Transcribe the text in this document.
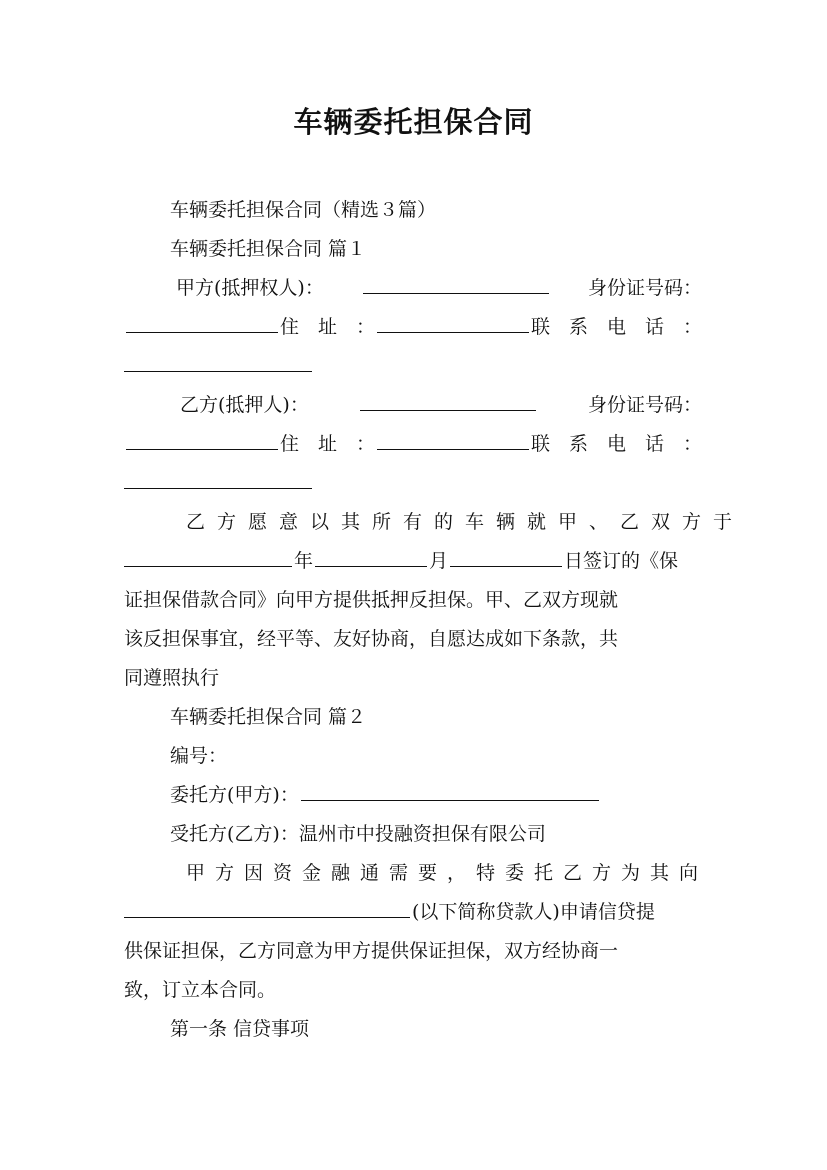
车辆委托担保合同
车辆委托担保合同（精选３篇）
车辆委托担保合同 篇１
甲方(抵押权人)：	身份证号码：
住　址　：	联　系　电　话　：
乙方(抵押人)：	身份证号码：
住　址　：	联　系　电　话　：
乙方愿意以其所有的车辆就甲、乙双方于
年	月	日签订的《保
证担保借款合同》向甲方提供抵押反担保。甲、乙双方现就
该反担保事宜，经平等、友好协商，自愿达成如下条款，共
同遵照执行
车辆委托担保合同 篇２
编号：
委托方(甲方)：
受托方(乙方)：温州市中投融资担保有限公司
甲方因资金融通需要，特委托乙方为其向
(以下简称贷款人)申请信贷提
供保证担保，乙方同意为甲方提供保证担保，双方经协商一
致，订立本合同。
第一条 信贷事项
